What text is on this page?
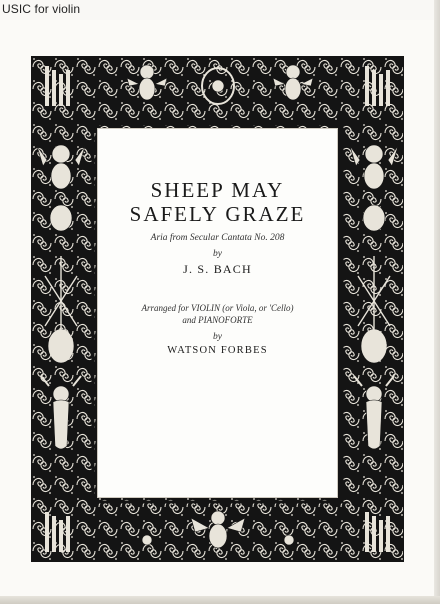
USIC for violin
SHEEP MAY
SAFELY GRAZE
Aria from Secular Cantata No. 208
by
J. S. BACH
Arranged for VIOLIN (or Viola, or 'Cello)
and PIANOFORTE
by
WATSON FORBES
